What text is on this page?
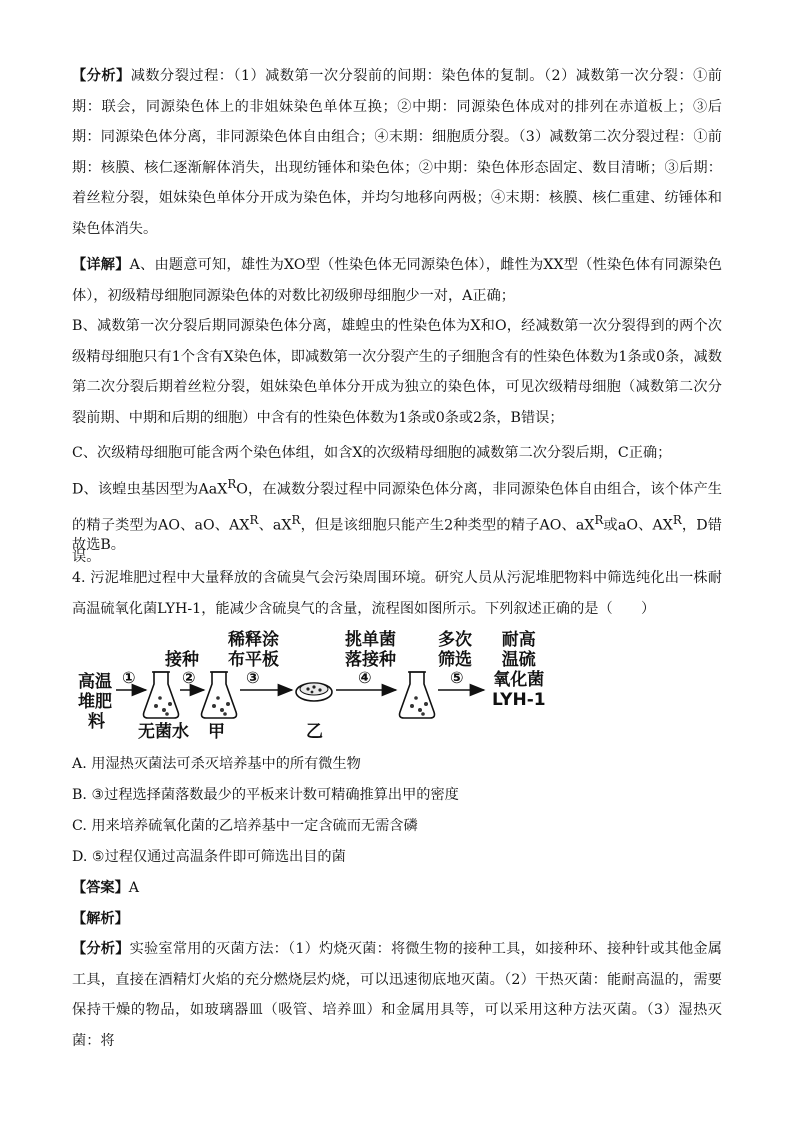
【分析】减数分裂过程：（1）减数第一次分裂前的间期：染色体的复制。（2）减数第一次分裂：①前期：联会，同源染色体上的非姐妹染色单体互换；②中期：同源染色体成对的排列在赤道板上；③后期：同源染色体分离，非同源染色体自由组合；④末期：细胞质分裂。（3）减数第二次分裂过程：①前期：核膜、核仁逐渐解体消失，出现纺锤体和染色体；②中期：染色体形态固定、数目清晰；③后期：着丝粒分裂，姐妹染色单体分开成为染色体，并均匀地移向两极；④末期：核膜、核仁重建、纺锤体和染色体消失。
【详解】A、由题意可知，雄性为XO型（性染色体无同源染色体），雌性为XX型（性染色体有同源染色体），初级精母细胞同源染色体的对数比初级卵母细胞少一对，A正确；
B、减数第一次分裂后期同源染色体分离，雄蝗虫的性染色体为X和O，经减数第一次分裂得到的两个次级精母细胞只有1个含有X染色体，即减数第一次分裂产生的子细胞含有的性染色体数为1条或0条，减数第二次分裂后期着丝粒分裂，姐妹染色单体分开成为独立的染色体，可见次级精母细胞（减数第二次分裂前期、中期和后期的细胞）中含有的性染色体数为1条或0条或2条，B错误；
C、次级精母细胞可能含两个染色体组，如含X的次级精母细胞的减数第二次分裂后期，C正确；
D、该蝗虫基因型为AaX$^R$O，在减数分裂过程中同源染色体分离，非同源染色体自由组合，该个体产生的精子类型为AO、aO、$AX^R$、$aX^R$，但是该细胞只能产生2种类型的精子AO、$aX^R$或aO、$AX^R$，D错误。
故选B。
4. 污泥堆肥过程中大量释放的含硫臭气会污染周围环境。研究人员从污泥堆肥物料中筛选纯化出一株耐高温硫氧化菌LYH-1，能减少含硫臭气的含量，流程图如图所示。下列叙述正确的是（　　）
高温
堆肥
料
①
接种
②
稀释涂
布平板
③
挑单菌
落接种
④
多次
筛选
⑤
无菌水 甲	乙
耐高
温硫
氧化菌
LYH-1
A. 用湿热灭菌法可杀灭培养基中的所有微生物
B. ③过程选择菌落数最少的平板来计数可精确推算出甲的密度
C. 用来培养硫氧化菌的乙培养基中一定含硫而无需含磷
D. ⑤过程仅通过高温条件即可筛选出目的菌
【答案】A
【解析】
【分析】实验室常用的灭菌方法：（1）灼烧灭菌：将微生物的接种工具，如接种环、接种针或其他金属工具，直接在酒精灯火焰的充分燃烧层灼烧，可以迅速彻底地灭菌。（2）干热灭菌：能耐高温的，需要保持干燥的物品，如玻璃器皿（吸管、培养皿）和金属用具等，可以采用这种方法灭菌。（3）湿热灭菌：将
